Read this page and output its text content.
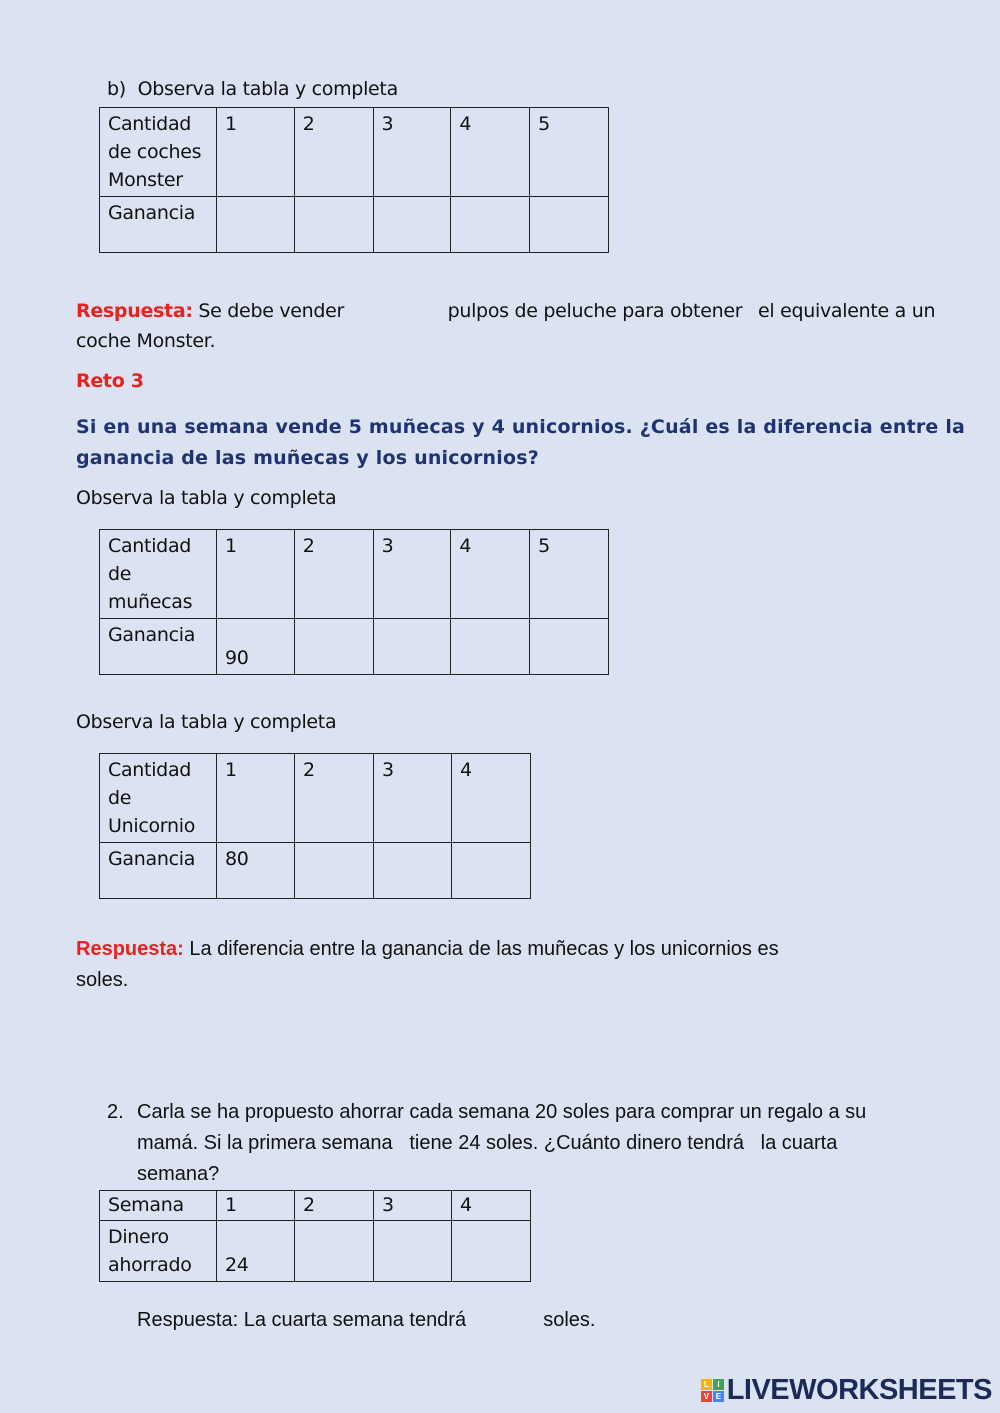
b) Observa la tabla y completa
Cantidad
de coches
Monster	1	2	3	4	5
Ganancia					
Respuesta: Se debe vender	pulpos de peluche para obtener el equivalente a un
coche Monster.
Reto 3
Si en una semana vende 5 muñecas y 4 unicornios. ¿Cuál es la diferencia entre la
ganancia de las muñecas y los unicornios?
Observa la tabla y completa
Cantidad
de
muñecas	1	2	3	4	5
Ganancia	90				
Observa la tabla y completa
Cantidad
de
Unicornio	1	2	3	4
Ganancia	80			
Respuesta: La diferencia entre la ganancia de las muñecas y los unicornios es
soles.
2. Carla se ha propuesto ahorrar cada semana 20 soles para comprar un regalo a su
mamá. Si la primera semana   tiene 24 soles. ¿Cuánto dinero tendrá   la cuarta
semana?
Semana	1	2	3	4

Dinero
ahorrado	24			
Respuesta: La cuarta semana tendrá	soles.
L	I
V E LIVEWORKSHEETS
